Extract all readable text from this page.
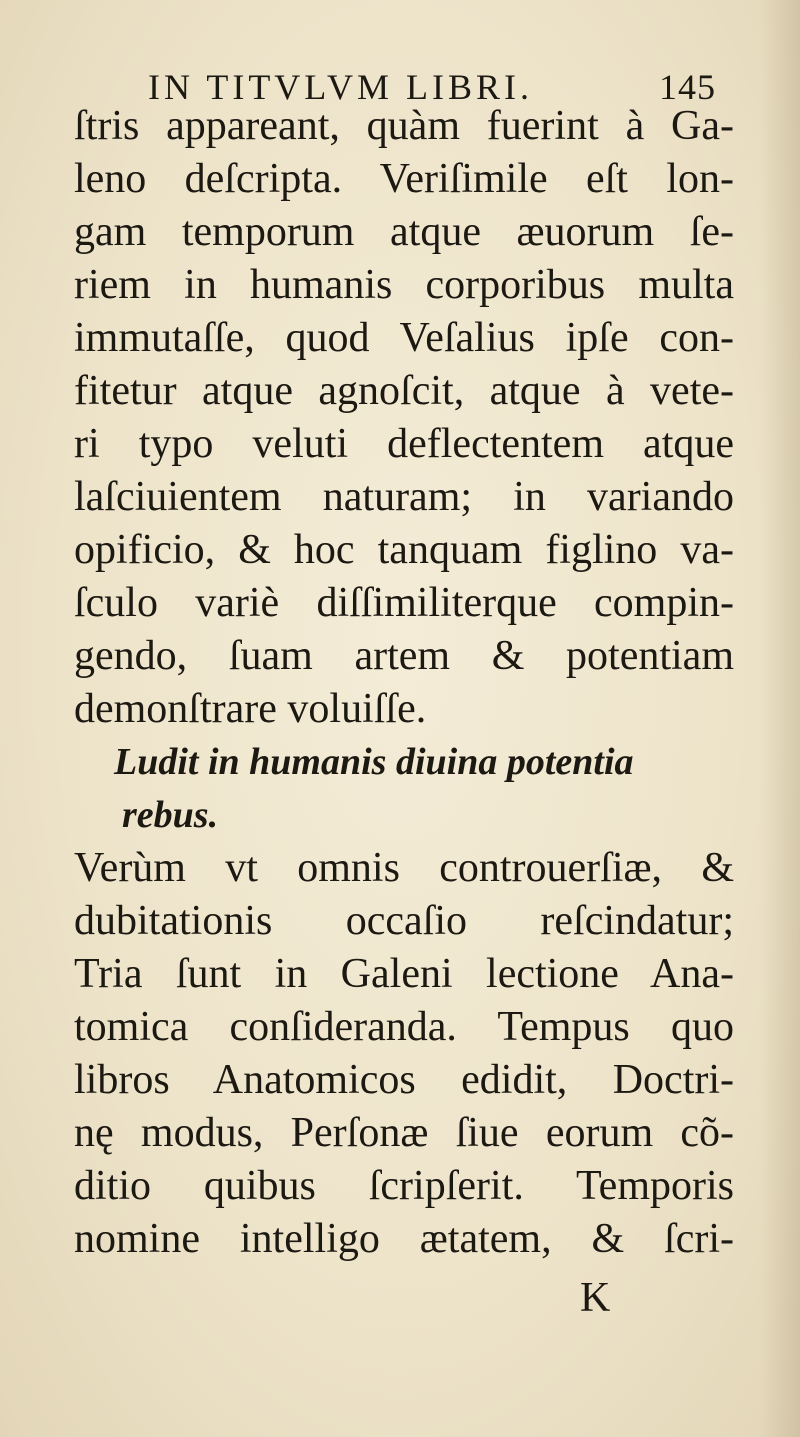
IN TITVLVM LIBRI.	145
ſtris appareant, quàm fuerint à Ga-
leno deſcripta. Veriſimile eſt lon-
gam temporum atque æuorum ſe-
riem in humanis corporibus multa
immutaſſe, quod Veſalius ipſe con-
fitetur atque agnoſcit, atque à vete-
ri typo veluti deflectentem atque
laſciuientem naturam; in variando
opificio, & hoc tanquam figlino va-
ſculo variè diſſimiliterque compin-
gendo, ſuam artem & potentiam
demonſtrare voluiſſe.
Ludit in humanis diuina potentia
rebus.
Verùm vt omnis controuerſiæ, &
dubitationis occaſio reſcindatur;
Tria ſunt in Galeni lectione Ana-
tomica conſideranda. Tempus quo
libros Anatomicos edidit, Doctri-
nę modus, Perſonæ ſiue eorum cõ-
ditio quibus ſcripſerit. Temporis
nomine intelligo ætatem, & ſcri-
K
